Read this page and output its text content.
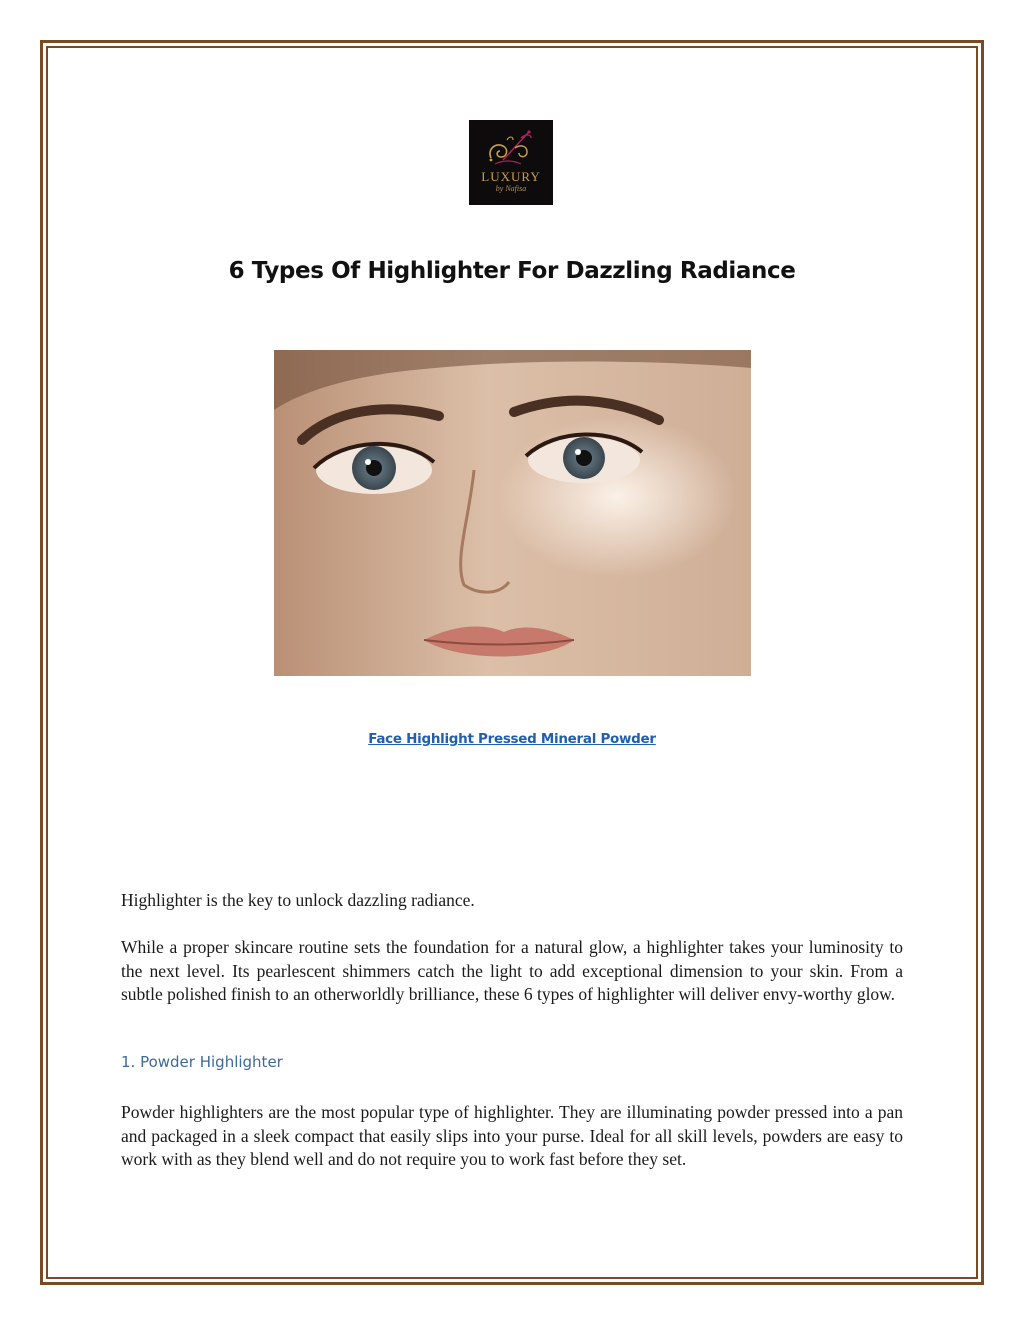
LUXURY
by Nafisa
6 Types Of Highlighter For Dazzling Radiance
Face Highlight Pressed Mineral Powder

Highlighter is the key to unlock dazzling radiance.

While a proper skincare routine sets the foundation for a natural glow, a highlighter takes your luminosity to the next level. Its pearlescent shimmers catch the light to add exceptional dimension to your skin. From a subtle polished finish to an otherworldly brilliance, these 6 types of highlighter will deliver envy-worthy glow.

1. Powder Highlighter

Powder highlighters are the most popular type of highlighter. They are illuminating powder pressed into a pan and packaged in a sleek compact that easily slips into your purse. Ideal for all skill levels, powders are easy to work with as they blend well and do not require you to work fast before they set.
